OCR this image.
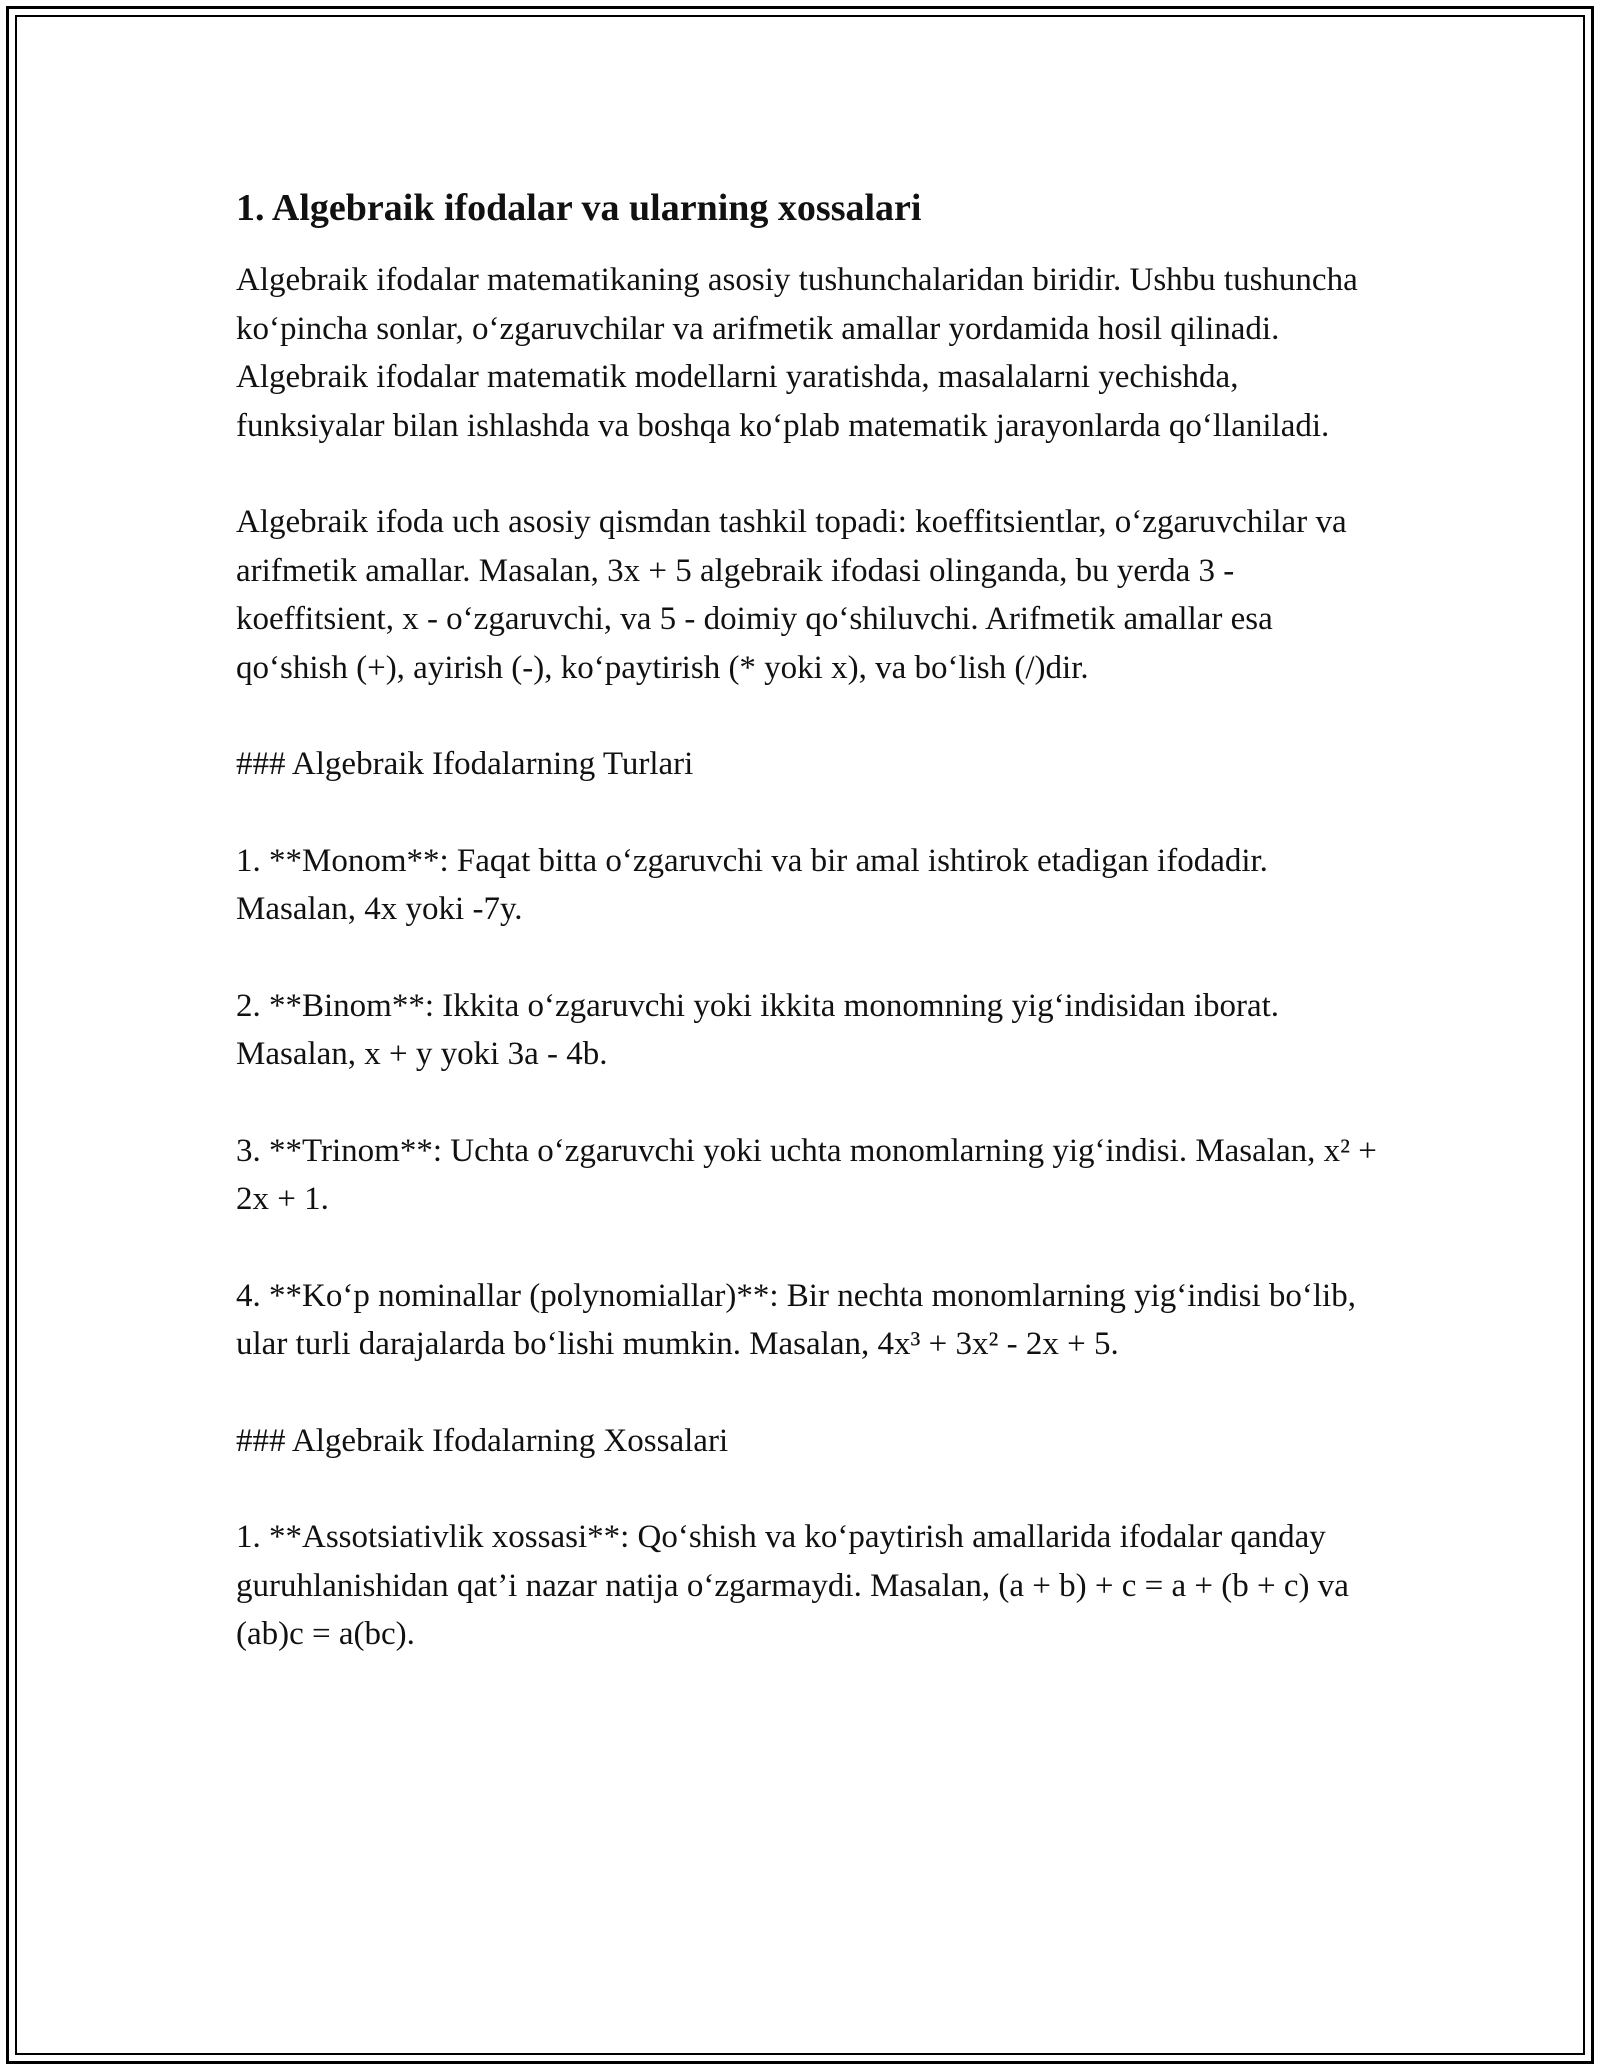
1. Algebraik ifodalar va ularning xossalari

Algebraik ifodalar matematikaning asosiy tushunchalaridan biridir. Ushbu tushuncha ko‘pincha sonlar, o‘zgaruvchilar va arifmetik amallar yordamida hosil qilinadi. Algebraik ifodalar matematik modellarni yaratishda, masalalarni yechishda, funksiyalar bilan ishlashda va boshqa ko‘plab matematik jarayonlarda qo‘llaniladi.

Algebraik ifoda uch asosiy qismdan tashkil topadi: koeffitsientlar, o‘zgaruvchilar va arifmetik amallar. Masalan, 3x + 5 algebraik ifodasi olinganda, bu yerda 3 - koeffitsient, x - o‘zgaruvchi, va 5 - doimiy qo‘shiluvchi. Arifmetik amallar esa qo‘shish (+), ayirish (-), ko‘paytirish (* yoki x), va bo‘lish (/)dir.

### Algebraik Ifodalarning Turlari

1. **Monom**: Faqat bitta o‘zgaruvchi va bir amal ishtirok etadigan ifodadir. Masalan, 4x yoki -7y.

2. **Binom**: Ikkita o‘zgaruvchi yoki ikkita monomning yig‘indisidan iborat. Masalan, x + y yoki 3a - 4b.

3. **Trinom**: Uchta o‘zgaruvchi yoki uchta monomlarning yig‘indisi. Masalan, x² + 2x + 1.

4. **Ko‘p nominallar (polynomiallar)**: Bir nechta monomlarning yig‘indisi bo‘lib, ular turli darajalarda bo‘lishi mumkin. Masalan, 4x³ + 3x² - 2x + 5.

### Algebraik Ifodalarning Xossalari

1. **Assotsiativlik xossasi**: Qo‘shish va ko‘paytirish amallarida ifodalar qanday guruhlanishidan qat’i nazar natija o‘zgarmaydi. Masalan, (a + b) + c = a + (b + c) va (ab)c = a(bc).
